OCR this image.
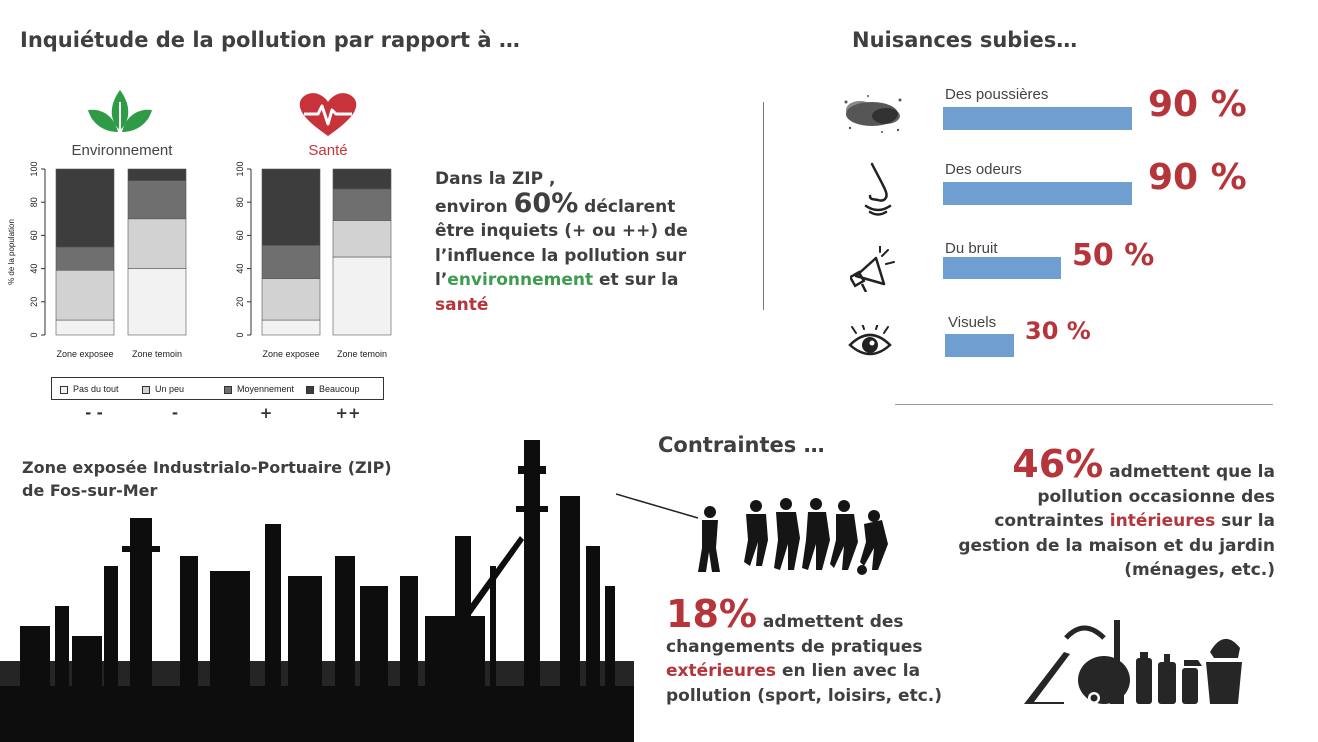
Inquiétude de la pollution par rapport à …
Environnement	Santé
% de la population
0
20
40
60
80
100
Zone exposee Zone temoin
0
20
40
60
80
100
Zone exposee Zone temoin
Pas du tout	Un peu	Moyennement	Beaucoup
- -	-	+	++
Dans la ZIP ,
environ 60% déclarent
être inquiets (+ ou ++) de
l’influence la pollution sur
l’environnement et sur la
santé
Nuisances subies…
Des poussières	90 %
Des odeurs	90 %
Du bruit 50 %
Visuels 30 %
Zone exposée Industrialo-Portuaire (ZIP)
de Fos-sur-Mer
Contraintes …	46% admettent que la
pollution occasionne des
contraintes intérieures sur la
gestion de la maison et du jardin
(ménages, etc.)
18% admettent des
changements de pratiques
extérieures en lien avec la
pollution (sport, loisirs, etc.)
